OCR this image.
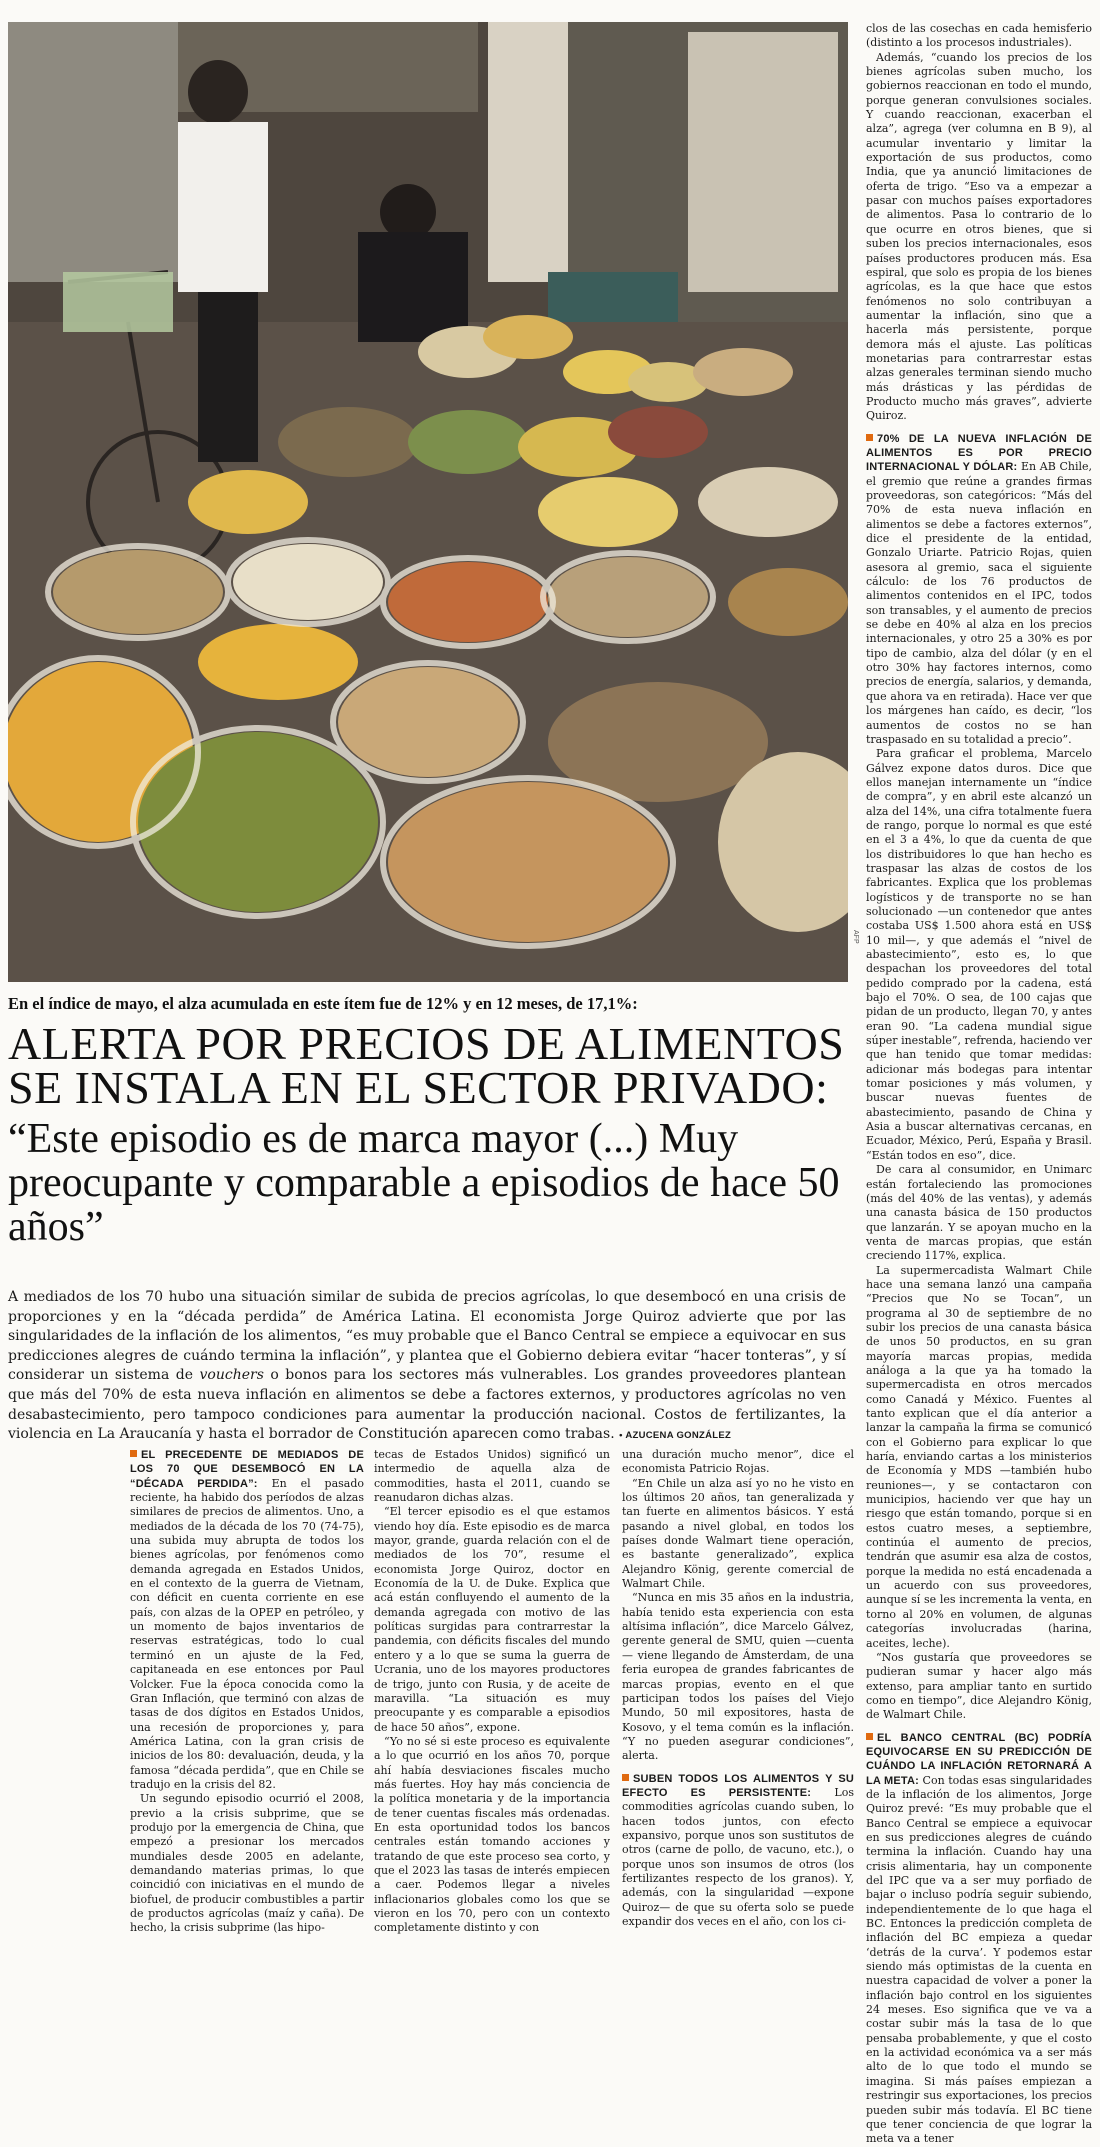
AFP
En el índice de mayo, el alza acumulada en este ítem fue de 12% y en 12 meses, de 17,1%:
ALERTA POR PRECIOS DE ALIMENTOS SE INSTALA EN EL SECTOR PRIVADO:
“Este episodio es de marca mayor (...) Muy preocupante y comparable a episodios de hace 50 años”
A mediados de los 70 hubo una situación similar de subida de precios agrícolas, lo que desembocó en una crisis de proporciones y en la “década perdida” de América Latina. El economista Jorge Quiroz advierte que por las singularidades de la inflación de los alimentos, “es muy probable que el Banco Central se empiece a equivocar en sus predicciones alegres de cuándo termina la inflación”, y plantea que el Gobierno debiera evitar “hacer tonteras”, y sí considerar un sistema de vouchers o bonos para los sectores más vulnerables. Los grandes proveedores plantean que más del 70% de esta nueva inflación en alimentos se debe a factores externos, y productores agrícolas no ven desabastecimiento, pero tampoco condiciones para aumentar la producción nacional. Costos de fertilizantes, la violencia en La Araucanía y hasta el borrador de Constitución aparecen como trabas. • AZUCENA GONZÁLEZ

EL PRECEDENTE DE MEDIADOS DE LOS 70 QUE DESEMBOCÓ EN LA “DÉCADA PERDIDA”: En el pasado reciente, ha habido dos períodos de alzas similares de precios de alimentos. Uno, a mediados de la década de los 70 (74-75), una subida muy abrupta de todos los bienes agrícolas, por fenómenos como demanda agregada en Estados Unidos, en el contexto de la guerra de Vietnam, con déficit en cuenta corriente en ese país, con alzas de la OPEP en petróleo, y un momento de bajos inventarios de reservas estratégicas, todo lo cual terminó en un ajuste de la Fed, capitaneada en ese entonces por Paul Volcker. Fue la época conocida como la Gran Inflación, que terminó con alzas de tasas de dos dígitos en Estados Unidos, una recesión de proporciones y, para América Latina, con la gran crisis de inicios de los 80: devaluación, deuda, y la famosa “década perdida”, que en Chile se tradujo en la crisis del 82.

Un segundo episodio ocurrió el 2008, previo a la crisis subprime, que se produjo por la emergencia de China, que empezó a presionar los mercados mundiales desde 2005 en adelante, demandando materias primas, lo que coincidió con iniciativas en el mundo de biofuel, de producir combustibles a partir de productos agrícolas (maíz y caña). De hecho, la crisis subprime (las hipo-

tecas de Estados Unidos) significó un intermedio de aquella alza de commodities, hasta el 2011, cuando se reanudaron dichas alzas.

“El tercer episodio es el que estamos viendo hoy día. Este episodio es de marca mayor, grande, guarda relación con el de mediados de los 70”, resume el economista Jorge Quiroz, doctor en Economía de la U. de Duke. Explica que acá están confluyendo el aumento de la demanda agregada con motivo de las políticas surgidas para contrarrestar la pandemia, con déficits fiscales del mundo entero y a lo que se suma la guerra de Ucrania, uno de los mayores productores de trigo, junto con Rusia, y de aceite de maravilla. “La situación es muy preocupante y es comparable a episodios de hace 50 años”, expone.

“Yo no sé si este proceso es equivalente a lo que ocurrió en los años 70, porque ahí había desviaciones fiscales mucho más fuertes. Hoy hay más conciencia de la política monetaria y de la importancia de tener cuentas fiscales más ordenadas. En esta oportunidad todos los bancos centrales están tomando acciones y tratando de que este proceso sea corto, y que el 2023 las tasas de interés empiecen a caer. Podemos llegar a niveles inflacionarios globales como los que se vieron en los 70, pero con un contexto completamente distinto y con

una duración mucho menor”, dice el economista Patricio Rojas.

“En Chile un alza así yo no he visto en los últimos 20 años, tan generalizada y tan fuerte en alimentos básicos. Y está pasando a nivel global, en todos los países donde Walmart tiene operación, es bastante generalizado”, explica Alejandro König, gerente comercial de Walmart Chile.

“Nunca en mis 35 años en la industria, había tenido esta experiencia con esta altísima inflación”, dice Marcelo Gálvez, gerente general de SMU, quien —cuenta— viene llegando de Ámsterdam, de una feria europea de grandes fabricantes de marcas propias, evento en el que participan todos los países del Viejo Mundo, 50 mil expositores, hasta de Kosovo, y el tema común es la inflación. “Y no pueden asegurar condiciones”, alerta.

SUBEN TODOS LOS ALIMENTOS Y SU EFECTO ES PERSISTENTE: Los commodities agrícolas cuando suben, lo hacen todos juntos, con efecto expansivo, porque unos son sustitutos de otros (carne de pollo, de vacuno, etc.), o porque unos son insumos de otros (los fertilizantes respecto de los granos). Y, además, con la singularidad —expone Quiroz— de que su oferta solo se puede expandir dos veces en el año, con los ci-

clos de las cosechas en cada hemisferio (distinto a los procesos industriales).

Además, “cuando los precios de los bienes agrícolas suben mucho, los gobiernos reaccionan en todo el mundo, porque generan convulsiones sociales. Y cuando reaccionan, exacerban el alza”, agrega (ver columna en B 9), al acumular inventario y limitar la exportación de sus productos, como India, que ya anunció limitaciones de oferta de trigo. “Eso va a empezar a pasar con muchos países exportadores de alimentos. Pasa lo contrario de lo que ocurre en otros bienes, que si suben los precios internacionales, esos países productores producen más. Esa espiral, que solo es propia de los bienes agrícolas, es la que hace que estos fenómenos no solo contribuyan a aumentar la inflación, sino que a hacerla más persistente, porque demora más el ajuste. Las políticas monetarias para contrarrestar estas alzas generales terminan siendo mucho más drásticas y las pérdidas de Producto mucho más graves”, advierte Quiroz.

70% DE LA NUEVA INFLACIÓN DE ALIMENTOS ES POR PRECIO INTERNACIONAL Y DÓLAR: En AB Chile, el gremio que reúne a grandes firmas proveedoras, son categóricos: “Más del 70% de esta nueva inflación en alimentos se debe a factores externos”, dice el presidente de la entidad, Gonzalo Uriarte. Patricio Rojas, quien asesora al gremio, saca el siguiente cálculo: de los 76 productos de alimentos contenidos en el IPC, todos son transables, y el aumento de precios se debe en 40% al alza en los precios internacionales, y otro 25 a 30% es por tipo de cambio, alza del dólar (y en el otro 30% hay factores internos, como precios de energía, salarios, y demanda, que ahora va en retirada). Hace ver que los márgenes han caído, es decir, “los aumentos de costos no se han traspasado en su totalidad a precio”.

Para graficar el problema, Marcelo Gálvez expone datos duros. Dice que ellos manejan internamente un “índice de compra”, y en abril este alcanzó un alza del 14%, una cifra totalmente fuera de rango, porque lo normal es que esté en el 3 a 4%, lo que da cuenta de que los distribuidores lo que han hecho es traspasar las alzas de costos de los fabricantes. Explica que los problemas logísticos y de transporte no se han solucionado —un contenedor que antes costaba US$ 1.500 ahora está en US$ 10 mil—, y que además el “nivel de abastecimiento”, esto es, lo que despachan los proveedores del total pedido comprado por la cadena, está bajo el 70%. O sea, de 100 cajas que pidan de un producto, llegan 70, y antes eran 90. “La cadena mundial sigue súper inestable”, refrenda, haciendo ver que han tenido que tomar medidas: adicionar más bodegas para intentar tomar posiciones y más volumen, y buscar nuevas fuentes de abastecimiento, pasando de China y Asia a buscar alternativas cercanas, en Ecuador, México, Perú, España y Brasil. “Están todos en eso”, dice.

De cara al consumidor, en Unimarc están fortaleciendo las promociones (más del 40% de las ventas), y además una canasta básica de 150 productos que lanzarán. Y se apoyan mucho en la venta de marcas propias, que están creciendo 117%, explica.

La supermercadista Walmart Chile hace una semana lanzó una campaña “Precios que No se Tocan”, un programa al 30 de septiembre de no subir los precios de una canasta básica de unos 50 productos, en su gran mayoría marcas propias, medida análoga a la que ya ha tomado la supermercadista en otros mercados como Canadá y México. Fuentes al tanto explican que el día anterior a lanzar la campaña la firma se comunicó con el Gobierno para explicar lo que haría, enviando cartas a los ministerios de Economía y MDS —también hubo reuniones—, y se contactaron con municipios, haciendo ver que hay un riesgo que están tomando, porque si en estos cuatro meses, a septiembre, continúa el aumento de precios, tendrán que asumir esa alza de costos, porque la medida no está encadenada a un acuerdo con sus proveedores, aunque sí se les incrementa la venta, en torno al 20% en volumen, de algunas categorías involucradas (harina, aceites, leche).

“Nos gustaría que proveedores se pudieran sumar y hacer algo más extenso, para ampliar tanto en surtido como en tiempo”, dice Alejandro König, de Walmart Chile.

EL BANCO CENTRAL (BC) PODRÍA EQUIVOCARSE EN SU PREDICCIÓN DE CUÁNDO LA INFLACIÓN RETORNARÁ A LA META: Con todas esas singularidades de la inflación de los alimentos, Jorge Quiroz prevé: “Es muy probable que el Banco Central se empiece a equivocar en sus predicciones alegres de cuándo termina la inflación. Cuando hay una crisis alimentaria, hay un componente del IPC que va a ser muy porfiado de bajar o incluso podría seguir subiendo, independientemente de lo que haga el BC. Entonces la predicción completa de inflación del BC empieza a quedar ‘detrás de la curva’. Y podemos estar siendo más optimistas de la cuenta en nuestra capacidad de volver a poner la inflación bajo control en los siguientes 24 meses. Eso significa que ve va a costar subir más la tasa de lo que pensaba probablemente, y que el costo en la actividad económica va a ser más alto de lo que todo el mundo se imagina. Si más países empiezan a restringir sus exportaciones, los precios pueden subir más todavía. El BC tiene que tener conciencia de que lograr la meta va a tener
